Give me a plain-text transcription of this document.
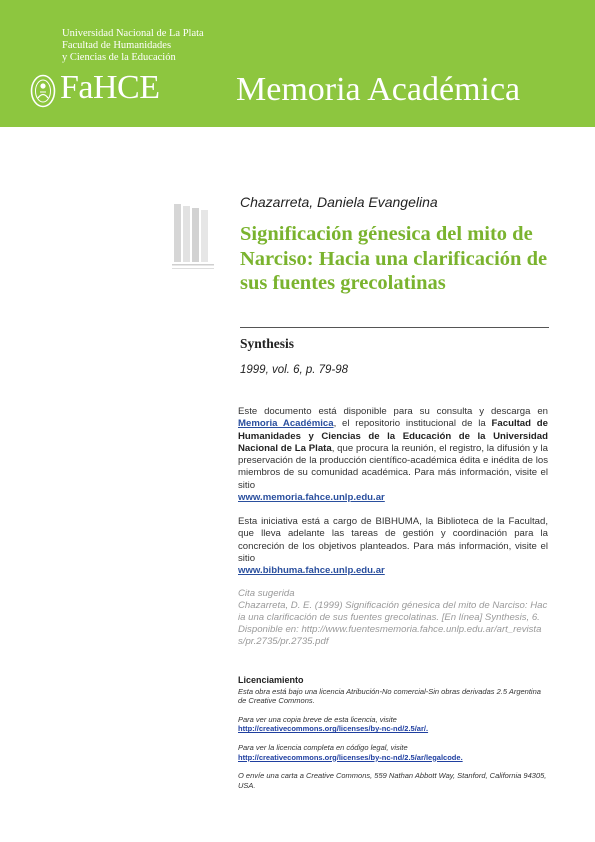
Universidad Nacional de La Plata
Facultad de Humanidades
y Ciencias de la Educación
FaHCE Memoria Académica
Chazarreta, Daniela Evangelina
Significación génesica del mito de Narciso: Hacia una clarificación de sus fuentes grecolatinas
Synthesis
1999, vol. 6, p. 79-98
Este documento está disponible para su consulta y descarga en Memoria Académica, el repositorio institucional de la Facultad de Humanidades y Ciencias de la Educación de la Universidad Nacional de La Plata, que procura la reunión, el registro, la difusión y la preservación de la producción científico-académica édita e inédita de los miembros de su comunidad académica. Para más información, visite el sitio
www.memoria.fahce.unlp.edu.ar
Esta iniciativa está a cargo de BIBHUMA, la Biblioteca de la Facultad, que lleva adelante las tareas de gestión y coordinación para la concreción de los objetivos planteados. Para más información, visite el sitio
www.bibhuma.fahce.unlp.edu.ar
Cita sugerida
Chazarreta, D. E. (1999) Significación génesica del mito de Narciso: Hacia una clarificación de sus fuentes grecolatinas. [En línea] Synthesis, 6. Disponible en: http://www.fuentesmemoria.fahce.unlp.edu.ar/art_revistas/pr.2735/pr.2735.pdf
Licenciamiento
Esta obra está bajo una licencia Atribución-No comercial-Sin obras derivadas 2.5 Argentina de Creative Commons.
Para ver una copia breve de esta licencia, visite
http://creativecommons.org/licenses/by-nc-nd/2.5/ar/.
Para ver la licencia completa en código legal, visite
http://creativecommons.org/licenses/by-nc-nd/2.5/ar/legalcode.
O envíe una carta a Creative Commons, 559 Nathan Abbott Way, Stanford, California 94305, USA.
